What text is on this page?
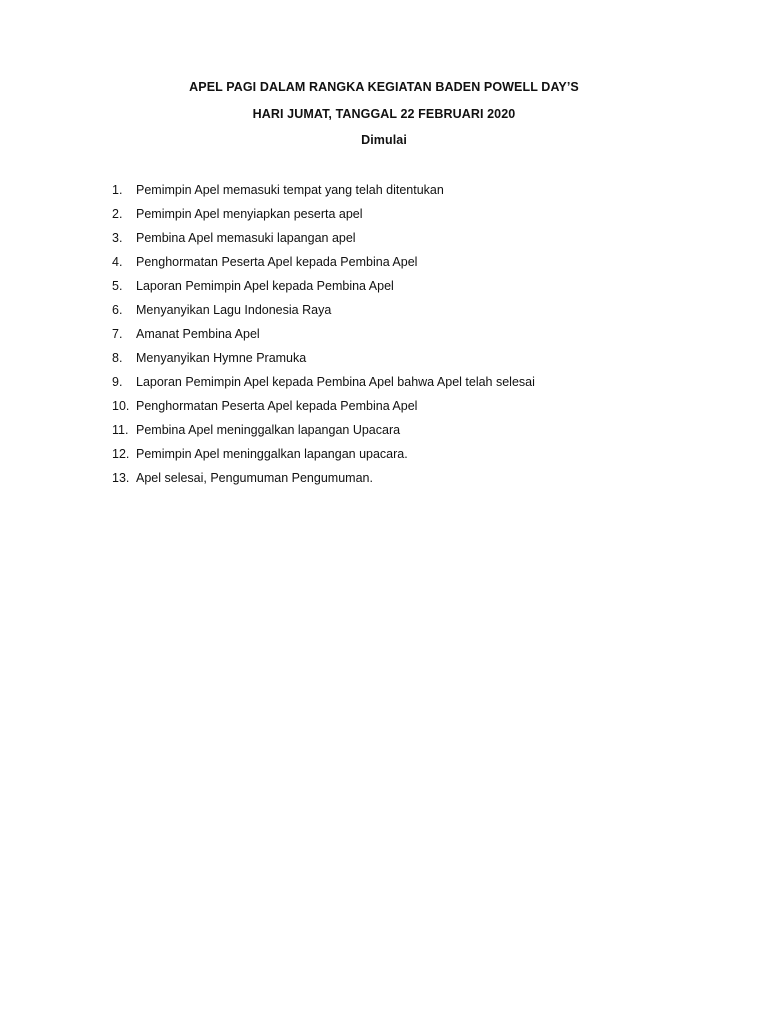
APEL PAGI DALAM RANGKA KEGIATAN BADEN POWELL DAY’S
HARI JUMAT, TANGGAL 22 FEBRUARI 2020
Dimulai
1.	Pemimpin Apel memasuki tempat yang telah ditentukan
2.	Pemimpin Apel menyiapkan peserta apel
3.	Pembina Apel memasuki lapangan apel
4.	Penghormatan Peserta Apel kepada Pembina Apel
5.	Laporan Pemimpin Apel kepada Pembina Apel
6.	Menyanyikan Lagu Indonesia Raya
7.	Amanat Pembina Apel
8.	Menyanyikan Hymne Pramuka
9.	Laporan Pemimpin Apel kepada Pembina Apel bahwa Apel telah selesai
10. Penghormatan Peserta Apel kepada Pembina Apel
11. Pembina Apel meninggalkan lapangan Upacara
12. Pemimpin Apel meninggalkan lapangan upacara.
13. Apel selesai, Pengumuman Pengumuman.
